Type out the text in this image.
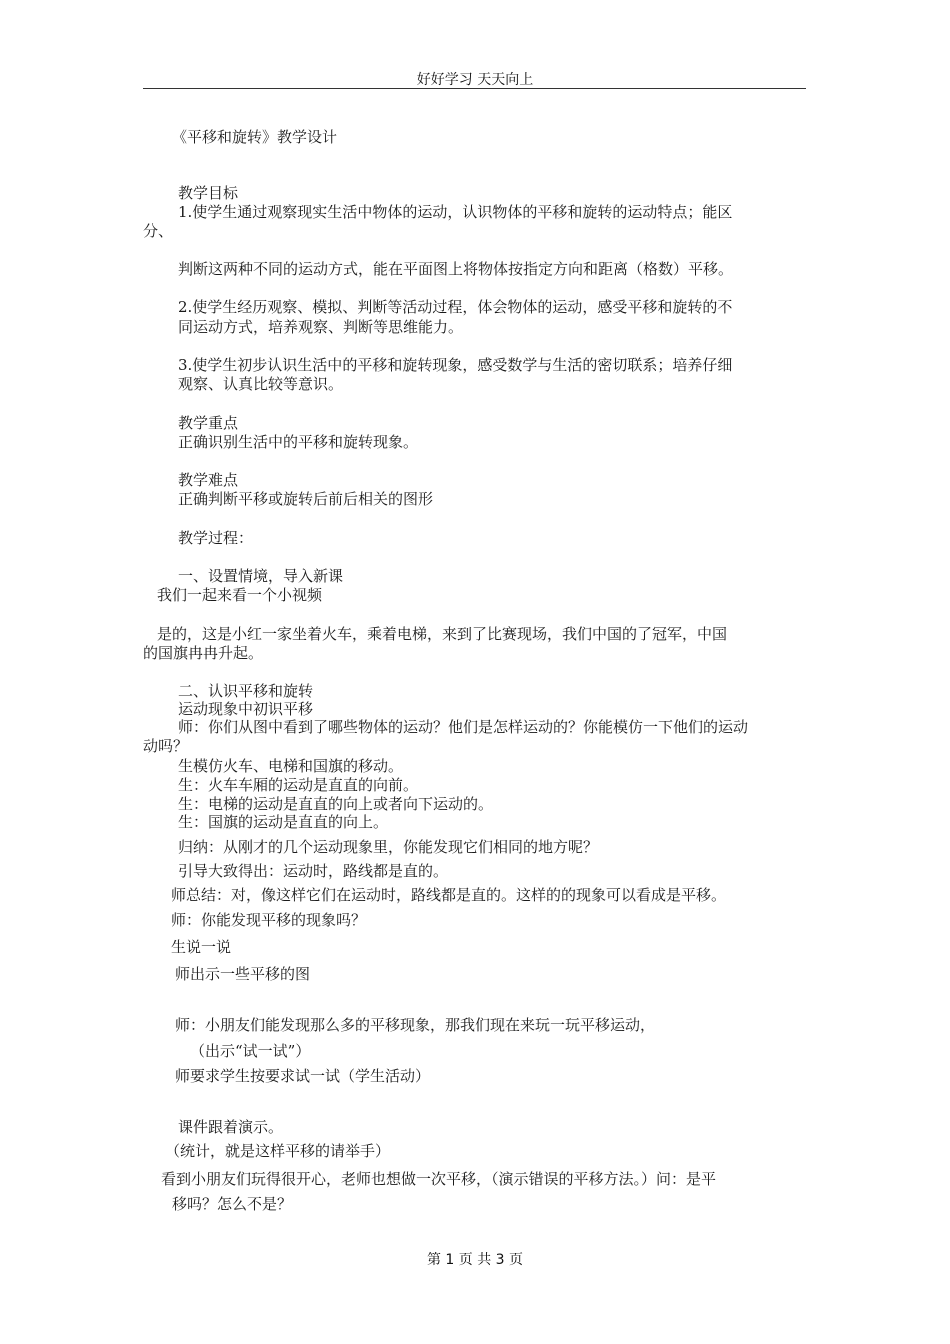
好好学习 天天向上
《平移和旋转》教学设计
教学目标
1.使学生通过观察现实生活中物体的运动，认识物体的平移和旋转的运动特点；能区
分、
判断这两种不同的运动方式，能在平面图上将物体按指定方向和距离（格数）平移。
2.使学生经历观察、模拟、判断等活动过程，体会物体的运动，感受平移和旋转的不
同运动方式，培养观察、判断等思维能力。
3.使学生初步认识生活中的平移和旋转现象，感受数学与生活的密切联系；培养仔细
观察、认真比较等意识。
教学重点
正确识别生活中的平移和旋转现象。
教学难点
正确判断平移或旋转后前后相关的图形
教学过程：
一、设置情境，导入新课
我们一起来看一个小视频
是的，这是小红一家坐着火车，乘着电梯，来到了比赛现场，我们中国的了冠军，中国
的国旗冉冉升起。
二、认识平移和旋转
运动现象中初识平移
师：你们从图中看到了哪些物体的运动？他们是怎样运动的？你能模仿一下他们的运动
动吗？
生模仿火车、电梯和国旗的移动。
生：火车车厢的运动是直直的向前。
生：电梯的运动是直直的向上或者向下运动的。
生：国旗的运动是直直的向上。
归纳：从刚才的几个运动现象里，你能发现它们相同的地方呢？
引导大致得出：运动时，路线都是直的。
师总结：对，像这样它们在运动时，路线都是直的。这样的的现象可以看成是平移。
师：你能发现平移的现象吗？
生说一说
师出示一些平移的图
师：小朋友们能发现那么多的平移现象，那我们现在来玩一玩平移运动，
（出示“试一试”）
师要求学生按要求试一试（学生活动）
课件跟着演示。
（统计，就是这样平移的请举手）
看到小朋友们玩得很开心，老师也想做一次平移，（演示错误的平移方法。）问：是平
移吗？怎么不是？
第 1 页 共 3 页
